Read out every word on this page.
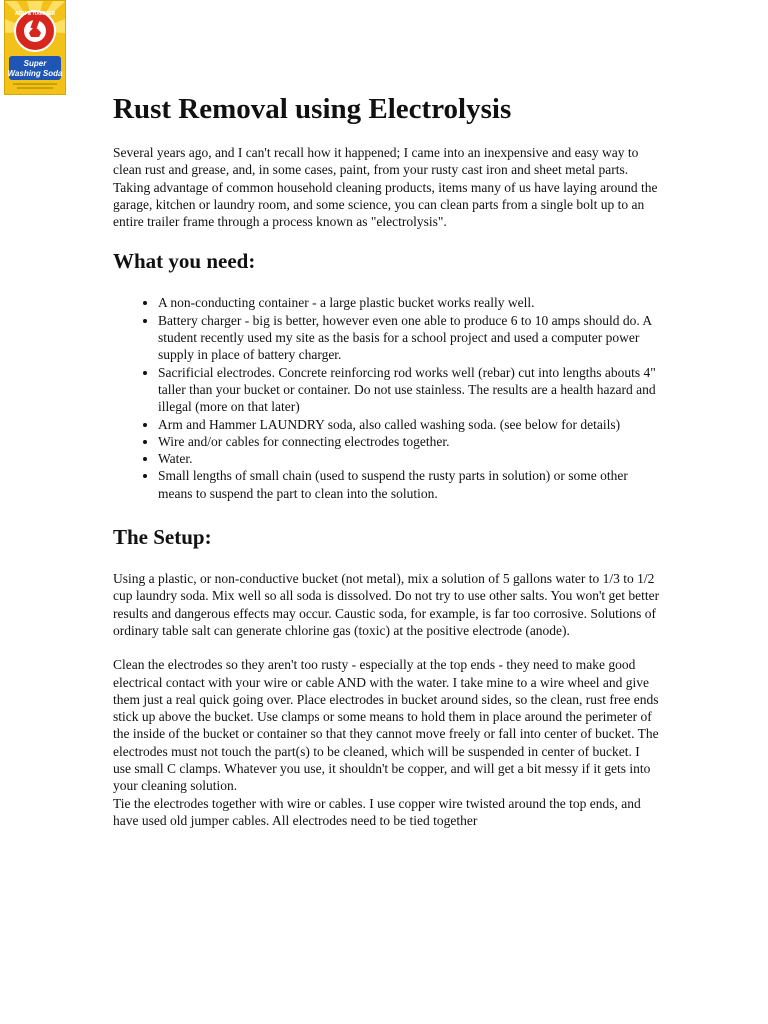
ARM & HAMMER
Super
Washing Soda
Rust Removal using Electrolysis

Several years ago, and I can't recall how it happened; I came into an inexpensive and easy way to clean rust and grease, and, in some cases, paint, from your rusty cast iron and sheet metal parts. Taking advantage of common household cleaning products, items many of us have laying around the garage, kitchen or laundry room, and some science, you can clean parts from a single bolt up to an entire trailer frame through a process known as "electrolysis".

What you need:
• A non-conducting container - a large plastic bucket works really well.
• Battery charger - big is better, however even one able to produce 6 to 10 amps should do. A student recently used my site as the basis for a school project and used a computer power supply in place of battery charger.
• Sacrificial electrodes. Concrete reinforcing rod works well (rebar) cut into lengths abouts 4" taller than your bucket or container. Do not use stainless. The results are a health hazard and illegal (more on that later)
• Arm and Hammer LAUNDRY soda, also called washing soda. (see below for details)
• Wire and/or cables for connecting electrodes together.
• Water.
• Small lengths of small chain (used to suspend the rusty parts in solution) or some other means to suspend the part to clean into the solution.
The Setup:

Using a plastic, or non-conductive bucket (not metal), mix a solution of 5 gallons water to 1/3 to 1/2 cup laundry soda. Mix well so all soda is dissolved. Do not try to use other salts. You won't get better results and dangerous effects may occur. Caustic soda, for example, is far too corrosive. Solutions of ordinary table salt can generate chlorine gas (toxic) at the positive electrode (anode).

Clean the electrodes so they aren't too rusty - especially at the top ends - they need to make good electrical contact with your wire or cable AND with the water. I take mine to a wire wheel and give them just a real quick going over. Place electrodes in bucket around sides, so the clean, rust free ends stick up above the bucket. Use clamps or some means to hold them in place around the perimeter of the inside of the bucket or container so that they cannot move freely or fall into center of bucket. The electrodes must not touch the part(s) to be cleaned, which will be suspended in center of bucket. I use small C clamps. Whatever you use, it shouldn't be copper, and will get a bit messy if it gets into your cleaning solution.

Tie the electrodes together with wire or cables. I use copper wire twisted around the top ends, and have used old jumper cables. All electrodes need to be tied together
